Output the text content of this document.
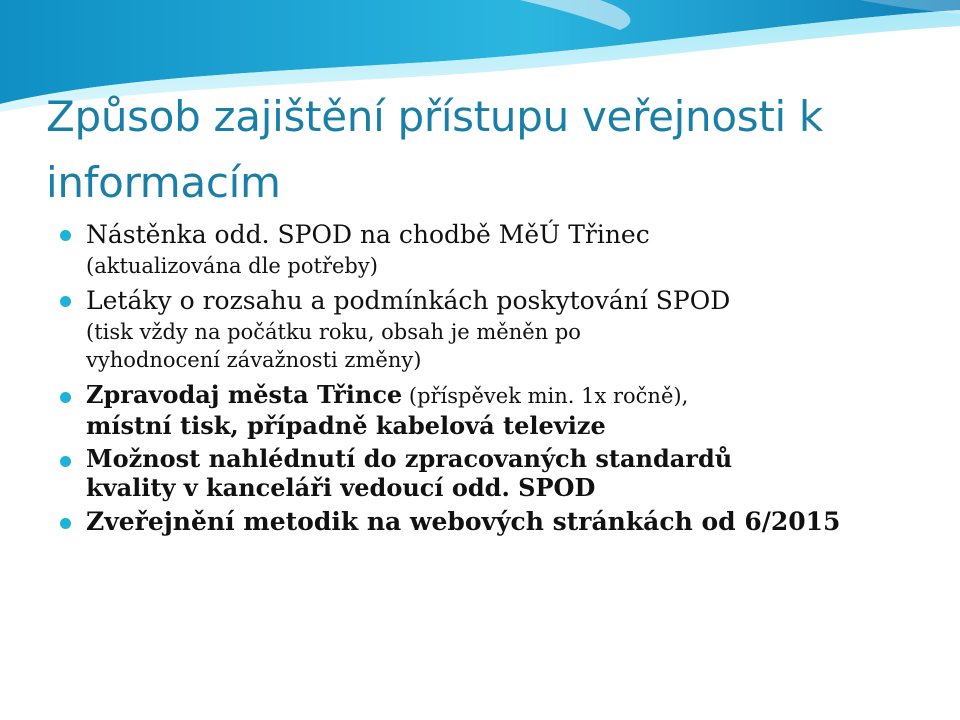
Způsob zajištění přístupu veřejnosti k informacím
Nástěnka odd. SPOD na chodbě MěÚ Třinec
(aktualizována dle potřeby)
Letáky o rozsahu a podmínkách poskytování SPOD
(tisk vždy na počátku roku, obsah je měněn po
vyhodnocení závažnosti změny)
Zpravodaj města Třince (příspěvek min. 1x ročně),
místní tisk, případně kabelová televize
Možnost nahlédnutí do zpracovaných standardů
kvality v kanceláři vedoucí odd. SPOD
Zveřejnění metodik na webových stránkách od 6/2015
